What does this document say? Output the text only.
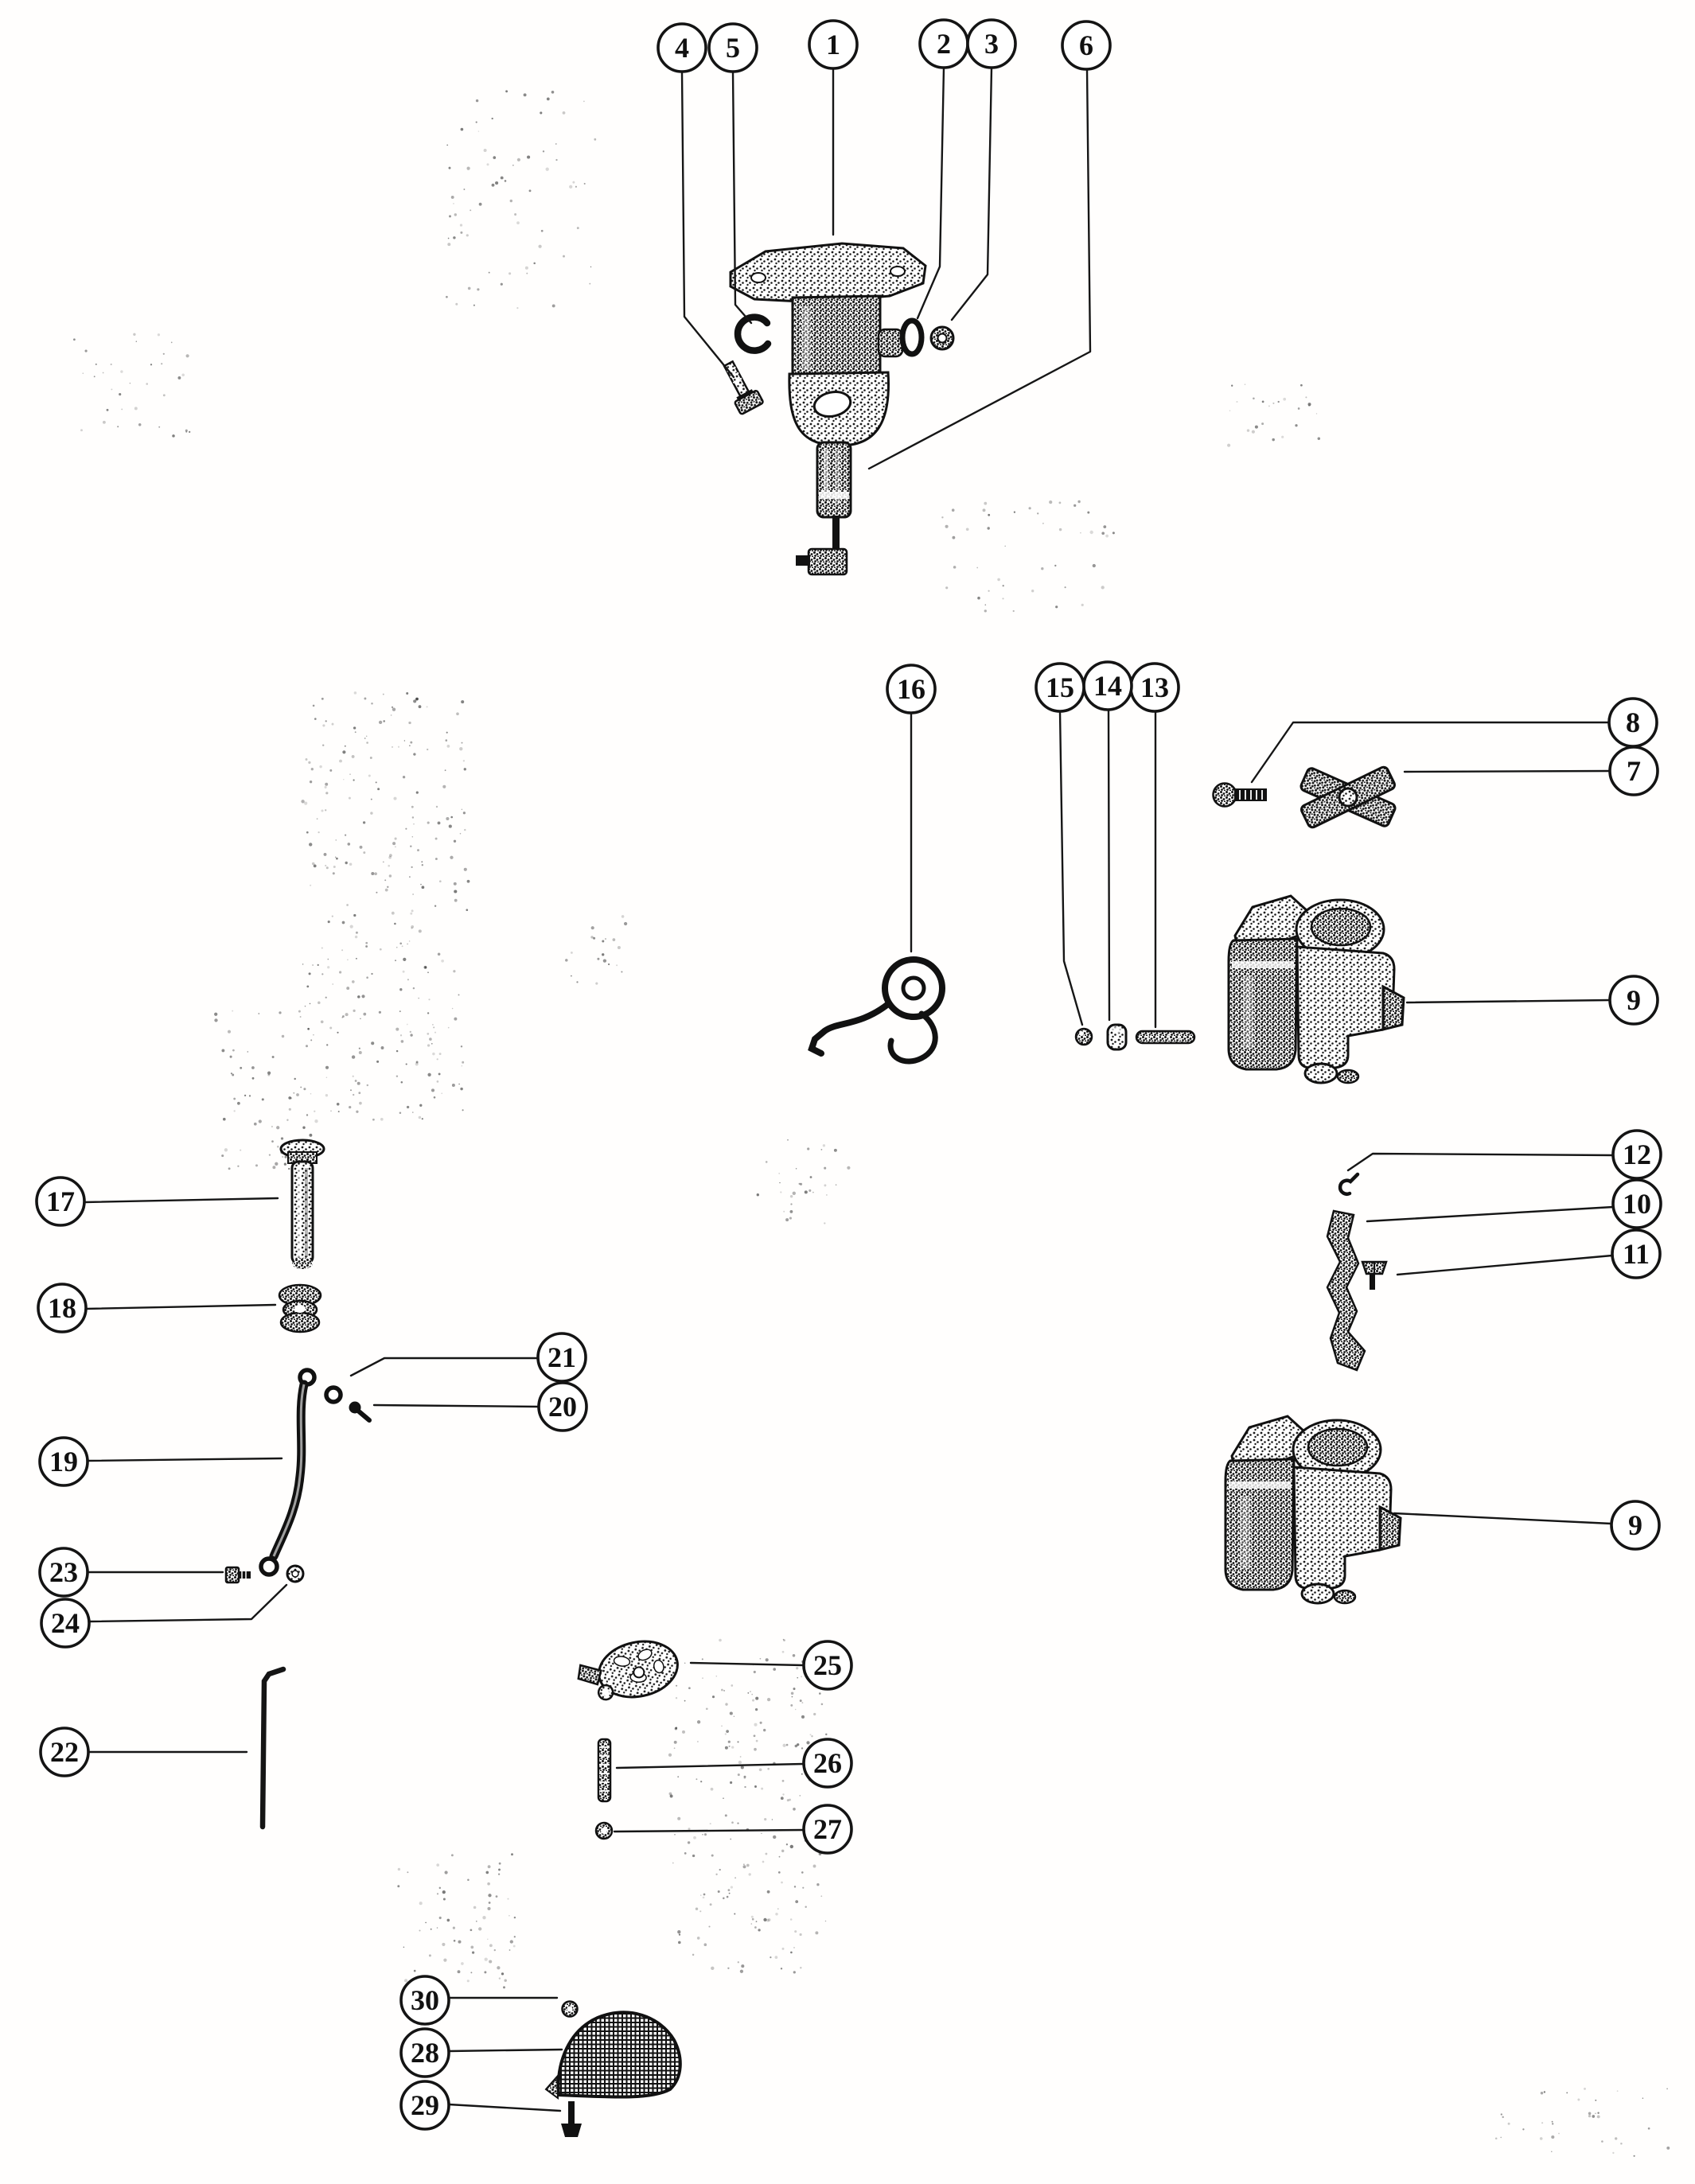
1	2 3
4 5	6
7
8
9
9
10
11
12
13
14
15
16
17
18
19
20
21
22
23
24
25
26
27
28
29
30
